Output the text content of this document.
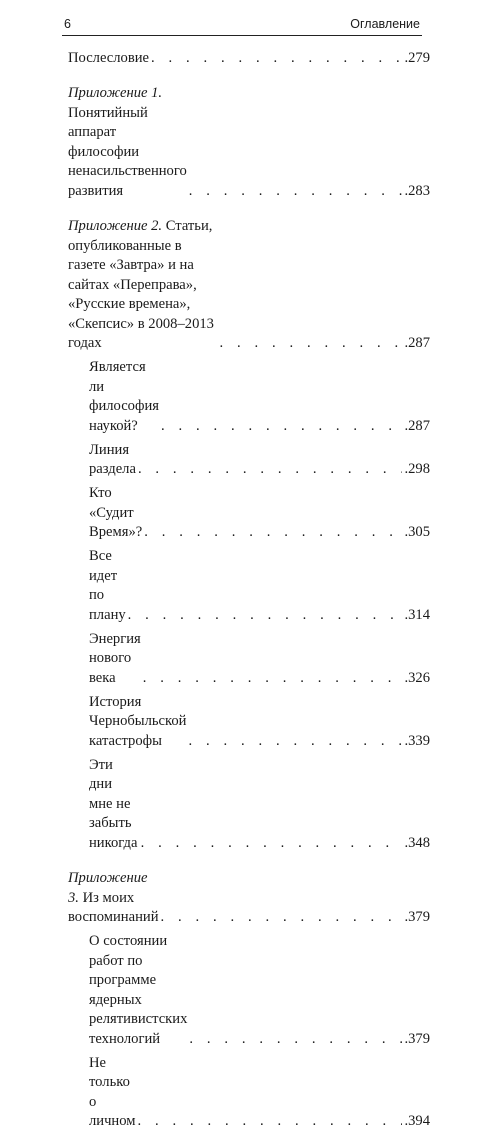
6	Оглавление
Послесловие . . .	.279
Приложение 1. Понятийный аппарат философии ненасильственного развития . . .	.283
Приложение 2. Статьи, опубликованные в газете «Завтра» и на сайтах «Переправа», «Русские времена», «Скепсис» в 2008–2013 годах . . .	.287
Является ли философия наукой? . . .	.287
Линия раздела . . .	.298
Кто «Судит Время»? . . .	.305
Все идет по плану . . .	.314
Энергия нового века . . .	.326
История Чернобыльской катастрофы . . .	.339
Эти дни мне не забыть никогда . . .	.348
Приложение 3. Из моих воспоминаний . . .	.379
О состоянии работ по программе ядерных релятивистских технологий . . .	.379
Не только о личном . . .	.394
